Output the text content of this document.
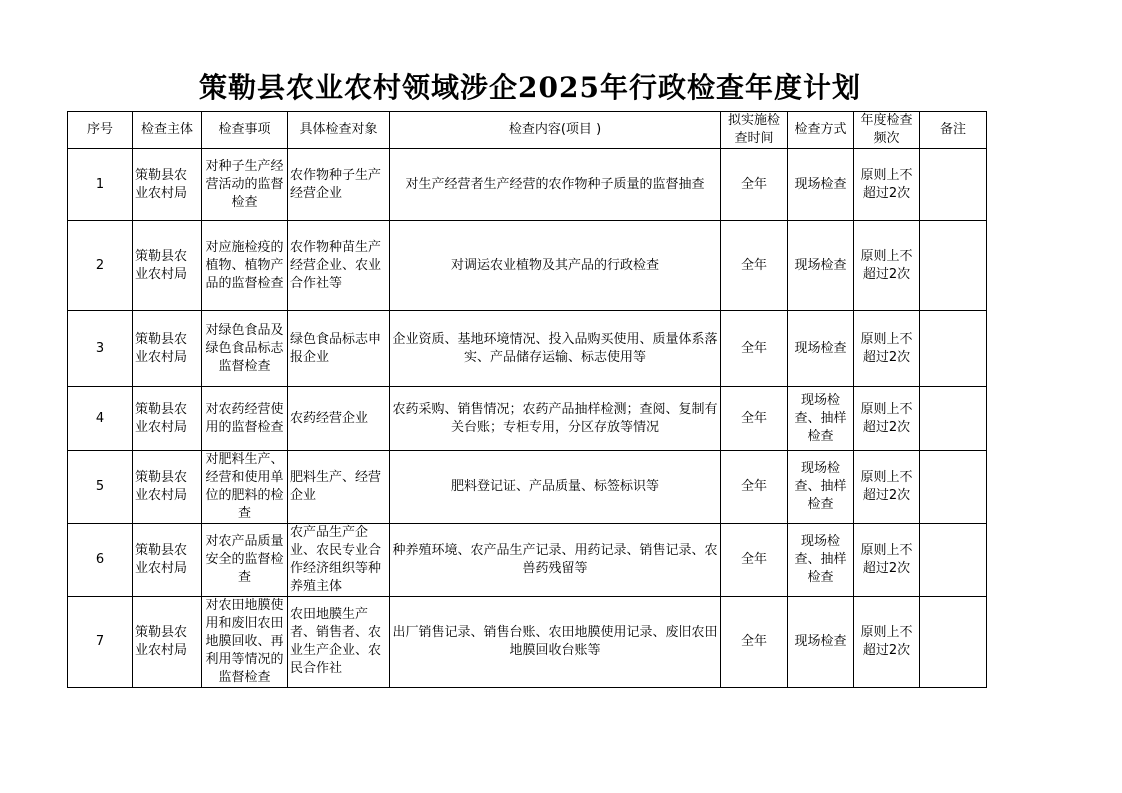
策勒县农业农村领域涉企2025年行政检查年度计划
序号	检查主体	检查事项	具体检查对象	检查内容(项目 )	拟实施检查时间	检查方式	年度检查频次	备注
1	策勒县农业农村局	对种子生产经营活动的监督检查	农作物种子生产经营企业	对生产经营者生产经营的农作物种子质量的监督抽查	全年	现场检查	原则上不超过2次	
2	策勒县农业农村局	对应施检疫的植物、植物产品的监督检查	农作物种苗生产经营企业、农业合作社等	对调运农业植物及其产品的行政检查	全年	现场检查	原则上不超过2次	
3	策勒县农业农村局	对绿色食品及绿色食品标志监督检查	绿色食品标志申报企业	企业资质、基地环境情况、投入品购买使用、质量体系落实、产品储存运输、标志使用等	全年	现场检查	原则上不超过2次	
4	策勒县农业农村局	对农药经营使用的监督检查	农药经营企业	农药采购、销售情况；农药产品抽样检测；查阅、复制有关台账；专柜专用，分区存放等情况	全年	现场检查、抽样检查	原则上不超过2次	
5	策勒县农业农村局	对肥料生产、经营和使用单位的肥料的检查	肥料生产、经营企业	肥料登记证、产品质量、标签标识等	全年	现场检查、抽样检查	原则上不超过2次	
6	策勒县农业农村局	对农产品质量安全的监督检查	农产品生产企业、农民专业合作经济组织等种养殖主体	种养殖环境、农产品生产记录、用药记录、销售记录、农兽药残留等	全年	现场检查、抽样检查	原则上不超过2次	
7	策勒县农业农村局	对农田地膜使用和废旧农田地膜回收、再利用等情况的监督检查	农田地膜生产者、销售者、农业生产企业、农民合作社	出厂销售记录、销售台账、农田地膜使用记录、废旧农田地膜回收台账等	全年	现场检查	原则上不超过2次	
